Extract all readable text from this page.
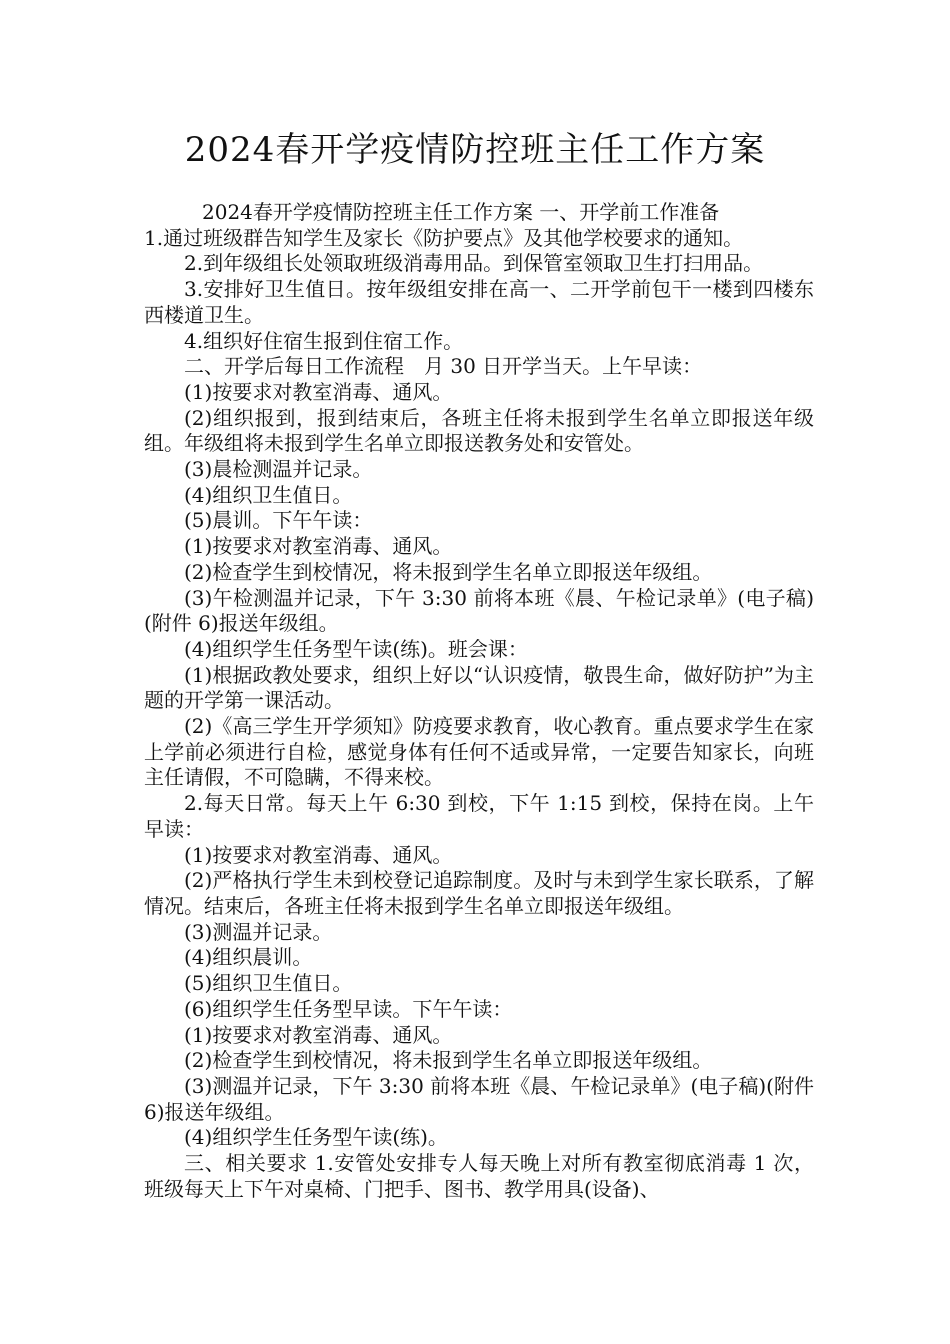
2024春开学疫情防控班主任工作方案

2024春开学疫情防控班主任工作方案 一、开学前工作准备

1.通过班级群告知学生及家长《防护要点》及其他学校要求的通知。

2.到年级组长处领取班级消毒用品。到保管室领取卫生打扫用品。

3.安排好卫生值日。按年级组安排在高一、二开学前包干一楼到四楼东西楼道卫生。

4.组织好住宿生报到住宿工作。

二、开学后每日工作流程　月 30 日开学当天。上午早读：

(1)按要求对教室消毒、通风。

(2)组织报到，报到结束后，各班主任将未报到学生名单立即报送年级组。年级组将未报到学生名单立即报送教务处和安管处。

(3)晨检测温并记录。

(4)组织卫生值日。

(5)晨训。下午午读：

(1)按要求对教室消毒、通风。

(2)检查学生到校情况，将未报到学生名单立即报送年级组。

(3)午检测温并记录，下午 3:30 前将本班《晨、午检记录单》(电子稿)(附件 6)报送年级组。

(4)组织学生任务型午读(练)。班会课：

(1)根据政教处要求，组织上好以“认识疫情，敬畏生命，做好防护”为主题的开学第一课活动。

(2)《高三学生开学须知》防疫要求教育，收心教育。重点要求学生在家上学前必须进行自检，感觉身体有任何不适或异常，一定要告知家长，向班主任请假，不可隐瞒，不得来校。

2.每天日常。每天上午 6:30 到校，下午 1:15 到校，保持在岗。上午早读：

(1)按要求对教室消毒、通风。

(2)严格执行学生未到校登记追踪制度。及时与未到学生家长联系，了解情况。结束后，各班主任将未报到学生名单立即报送年级组。

(3)测温并记录。

(4)组织晨训。

(5)组织卫生值日。

(6)组织学生任务型早读。下午午读：

(1)按要求对教室消毒、通风。

(2)检查学生到校情况，将未报到学生名单立即报送年级组。

(3)测温并记录，下午 3:30 前将本班《晨、午检记录单》(电子稿)(附件 6)报送年级组。

(4)组织学生任务型午读(练)。

三、相关要求 1.安管处安排专人每天晚上对所有教室彻底消毒 1 次，班级每天上下午对桌椅、门把手、图书、教学用具(设备)、
